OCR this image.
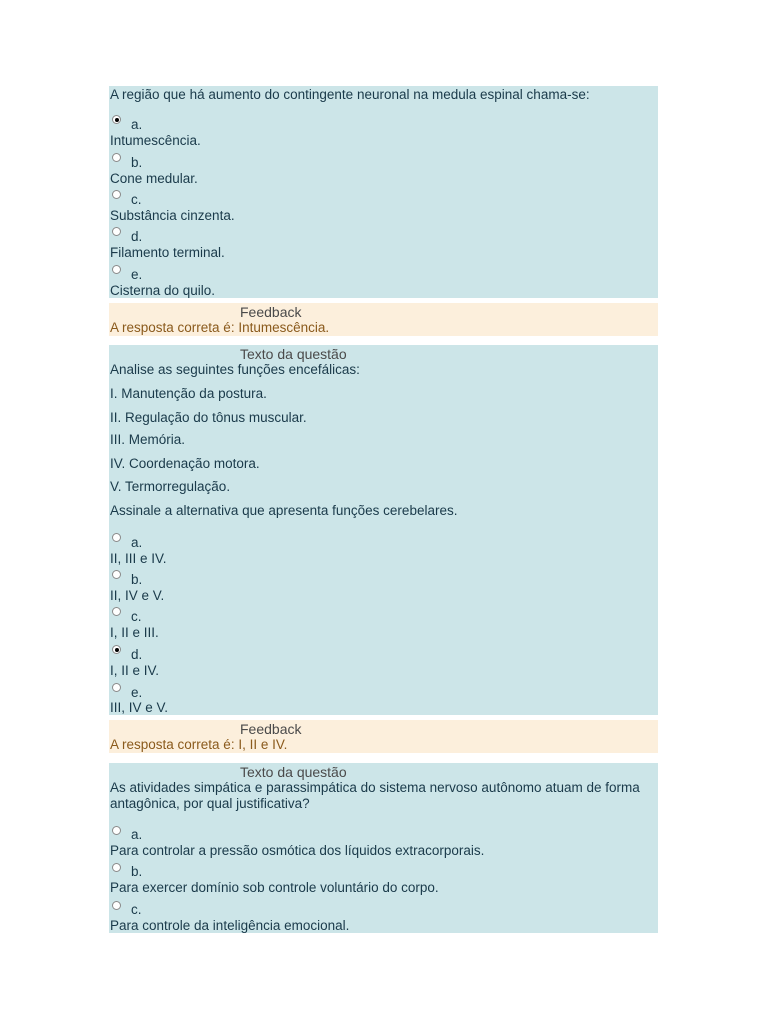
A região que há aumento do contingente neuronal na medula espinal chama-se:
a.
Intumescência.
b.
Cone medular.
c.
Substância cinzenta.
d.
Filamento terminal.
e.
Cisterna do quilo.
Feedback
A resposta correta é: Intumescência.
Texto da questão
Analise as seguintes funções encefálicas:
I. Manutenção da postura.
II. Regulação do tônus muscular.
III. Memória.
IV. Coordenação motora.
V. Termorregulação.
Assinale a alternativa que apresenta funções cerebelares.
a.
II, III e IV.
b.
II, IV e V.
c.
I, II e III.
d.
I, II e IV.
e.
III, IV e V.
Feedback
A resposta correta é: I, II e IV.
Texto da questão
As atividades simpática e parassimpática do sistema nervoso autônomo atuam de forma antagônica, por qual justificativa?
a.
Para controlar a pressão osmótica dos líquidos extracorporais.
b.
Para exercer domínio sob controle voluntário do corpo.
c.
Para controle da inteligência emocional.
